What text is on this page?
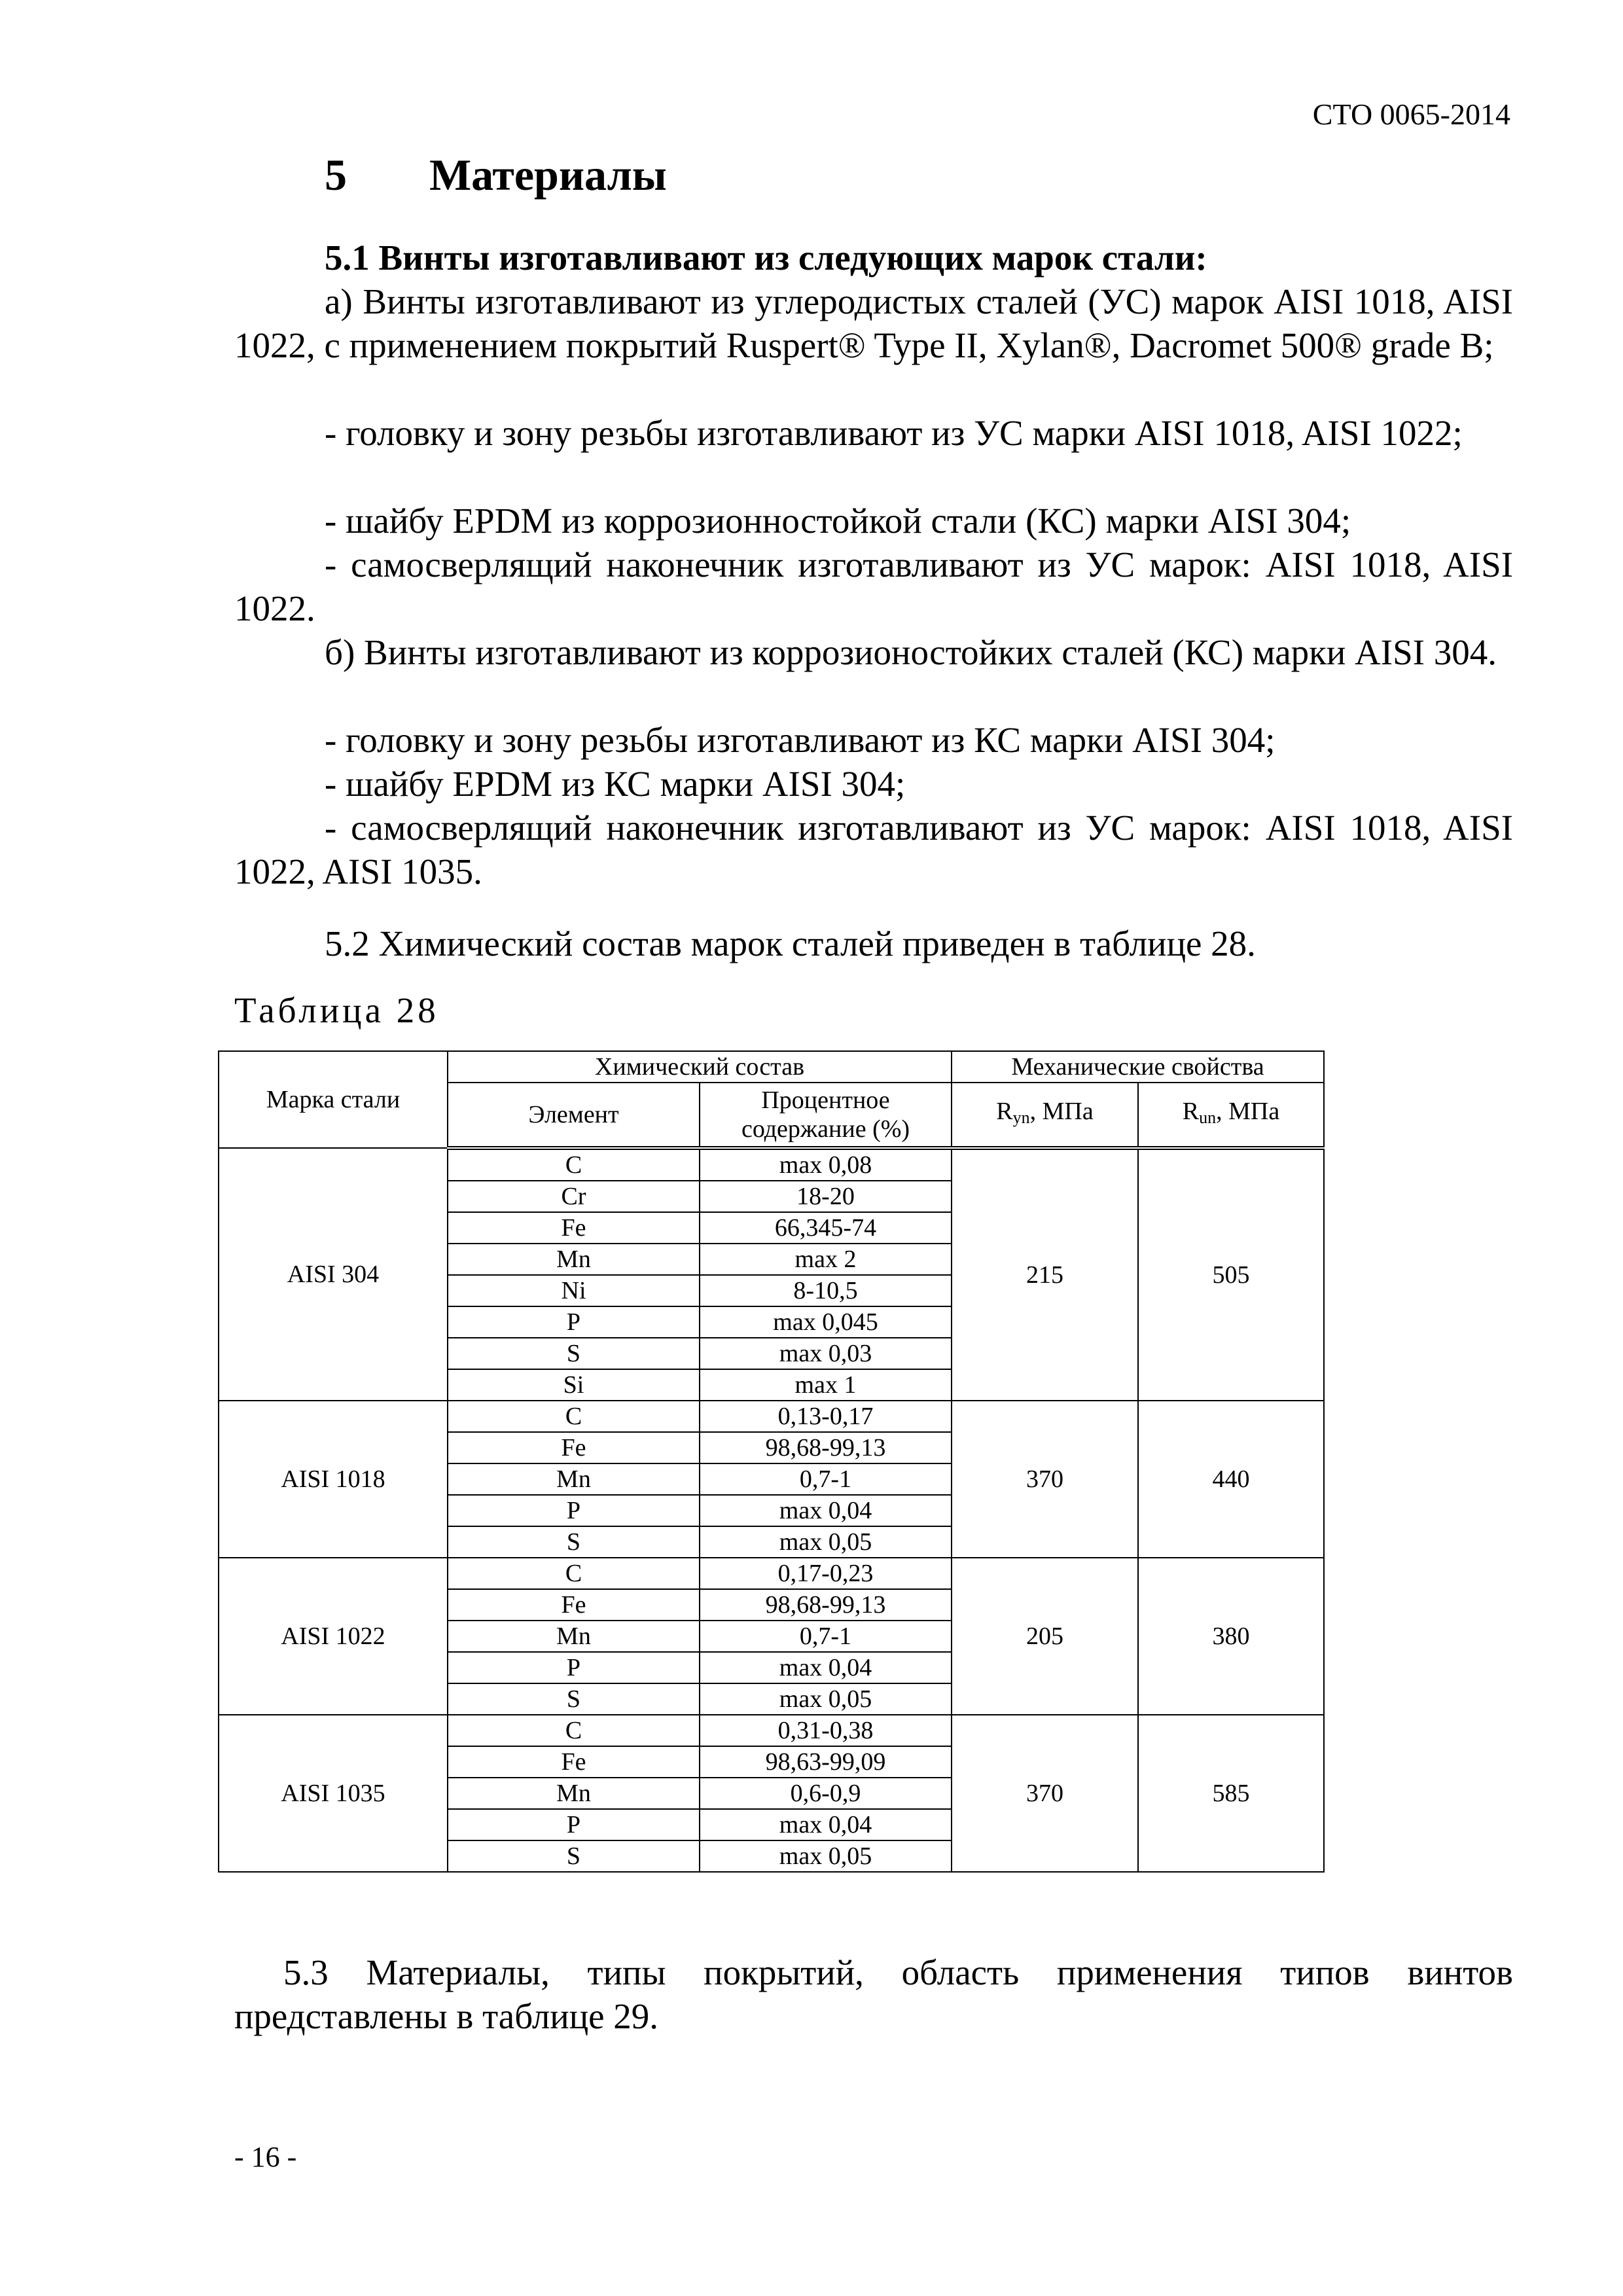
СТО 0065-2014
5 Материалы
5.1 Винты изготавливают из следующих марок стали:
а) Винты изготавливают из углеродистых сталей (УС) марок AISI 1018, AISI 1022, с применением покрытий Ruspert® Type II, Xylan®, Dacromet 500® grade B;
- головку и зону резьбы изготавливают из УС марки AISI 1018, AISI 1022;
- шайбу EPDM из коррозионностойкой стали (КС) марки AISI 304;
- самосверлящий наконечник изготавливают из УС марок: AISI 1018, AISI 1022.
б) Винты изготавливают из коррозионостойких сталей (КС) марки AISI 304.
- головку и зону резьбы изготавливают из КС марки AISI 304;
- шайбу EPDM из КС марки AISI 304;
- самосверлящий наконечник изготавливают из УС марок: AISI 1018, AISI 1022, AISI 1035.
5.2 Химический состав марок сталей приведен в таблице 28.
Таблица 28
Марка стали	Химический состав		Механические свойства	
	Элемент	Процентное содержание (%)	$R_{yn}$, МПа	$R_{un}$, МПа
AISI 304	C	max 0,08	215	505
	Cr	18-20		
	Fe	66,345-74		
	Mn	max 2		
	Ni	8-10,5		
	P	max 0,045		
	S	max 0,03		
	Si	max 1		
AISI 1018	C	0,13-0,17	370	440
	Fe	98,68-99,13		
	Mn	0,7-1		
	P	max 0,04		
	S	max 0,05		
AISI 1022	C	0,17-0,23	205	380
	Fe	98,68-99,13		
	Mn	0,7-1		
	P	max 0,04		
	S	max 0,05		
AISI 1035	C	0,31-0,38	370	585
	Fe	98,63-99,09		
	Mn	0,6-0,9		
	P	max 0,04		
	S	max 0,05		
5.3 Материалы, типы покрытий, область применения типов винтов представлены в таблице 29.
- 16 -
